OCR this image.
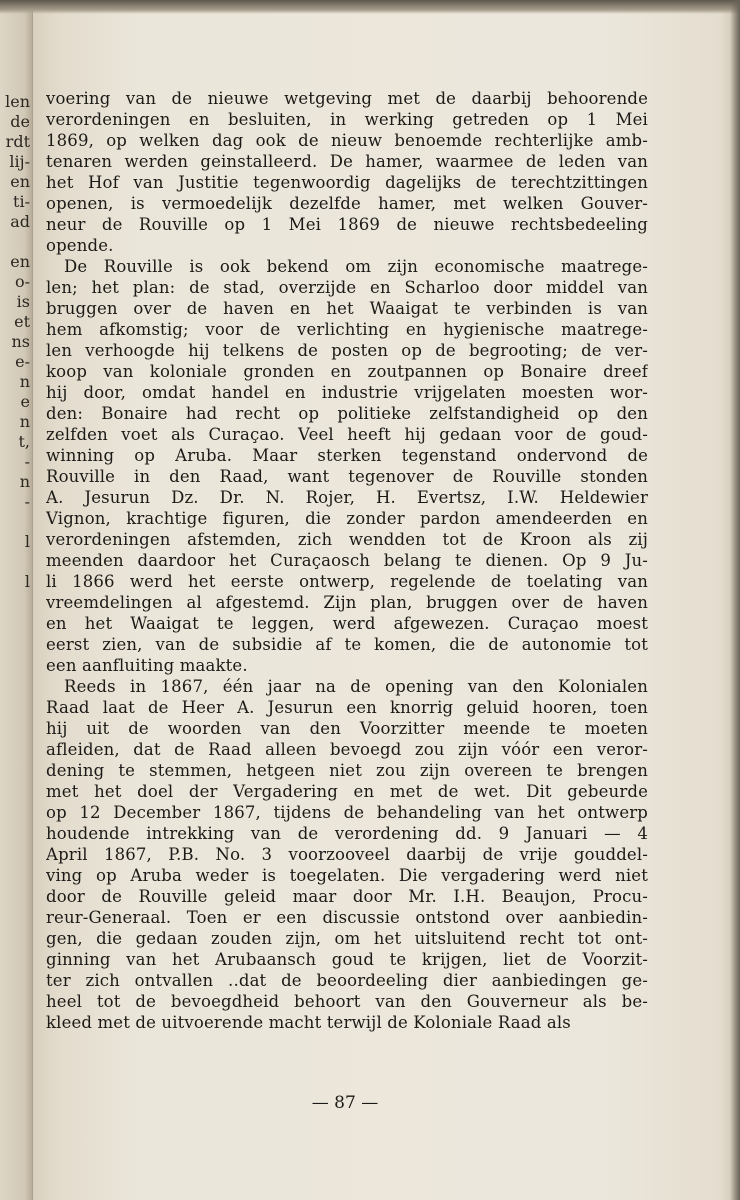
len
de
rdt
lij-
en
ti-
ad
en
o-
is
et
ns
e-
n
e
n
t,
-
n
-
l
l
voering van de nieuwe wetgeving met de daarbij behoorende
verordeningen en besluiten, in werking getreden op 1 Mei
1869, op welken dag ook de nieuw benoemde rechterlijke amb-
tenaren werden geinstalleerd. De hamer, waarmee de leden van
het Hof van Justitie tegenwoordig dagelijks de terechtzittingen
openen, is vermoedelijk dezelfde hamer, met welken Gouver-
neur de Rouville op 1 Mei 1869 de nieuwe rechtsbedeeling
opende.
De Rouville is ook bekend om zijn economische maatrege-
len; het plan: de stad, overzijde en Scharloo door middel van
bruggen over de haven en het Waaigat te verbinden is van
hem afkomstig; voor de verlichting en hygienische maatrege-
len verhoogde hij telkens de posten op de begrooting; de ver-
koop van koloniale gronden en zoutpannen op Bonaire dreef
hij door, omdat handel en industrie vrijgelaten moesten wor-
den: Bonaire had recht op politieke zelfstandigheid op den
zelfden voet als Curaçao. Veel heeft hij gedaan voor de goud-
winning op Aruba. Maar sterken tegenstand ondervond de
Rouville in den Raad, want tegenover de Rouville stonden
A. Jesurun Dz. Dr. N. Rojer, H. Evertsz, I.W. Heldewier
Vignon, krachtige figuren, die zonder pardon amendeerden en
verordeningen afstemden, zich wendden tot de Kroon als zij
meenden daardoor het Curaçaosch belang te dienen. Op 9 Ju-
li 1866 werd het eerste ontwerp, regelende de toelating van
vreemdelingen al afgestemd. Zijn plan, bruggen over de haven
en het Waaigat te leggen, werd afgewezen. Curaçao moest
eerst zien, van de subsidie af te komen, die de autonomie tot
een aanfluiting maakte.
Reeds in 1867, één jaar na de opening van den Kolonialen
Raad laat de Heer A. Jesurun een knorrig geluid hooren, toen
hij uit de woorden van den Voorzitter meende te moeten
afleiden, dat de Raad alleen bevoegd zou zijn vóór een veror-
dening te stemmen, hetgeen niet zou zijn overeen te brengen
met het doel der Vergadering en met de wet. Dit gebeurde
op 12 December 1867, tijdens de behandeling van het ontwerp
houdende intrekking van de verordening dd. 9 Januari — 4
April 1867, P.B. No. 3 voorzooveel daarbij de vrije gouddel-
ving op Aruba weder is toegelaten. Die vergadering werd niet
door de Rouville geleid maar door Mr. I.H. Beaujon, Procu-
reur-Generaal. Toen er een discussie ontstond over aanbiedin-
gen, die gedaan zouden zijn, om het uitsluitend recht tot ont-
ginning van het Arubaansch goud te krijgen, liet de Voorzit-
ter zich ontvallen ..dat de beoordeeling dier aanbiedingen ge-
heel tot de bevoegdheid behoort van den Gouverneur als be-
kleed met de uitvoerende macht terwijl de Koloniale Raad als
— 87 —
